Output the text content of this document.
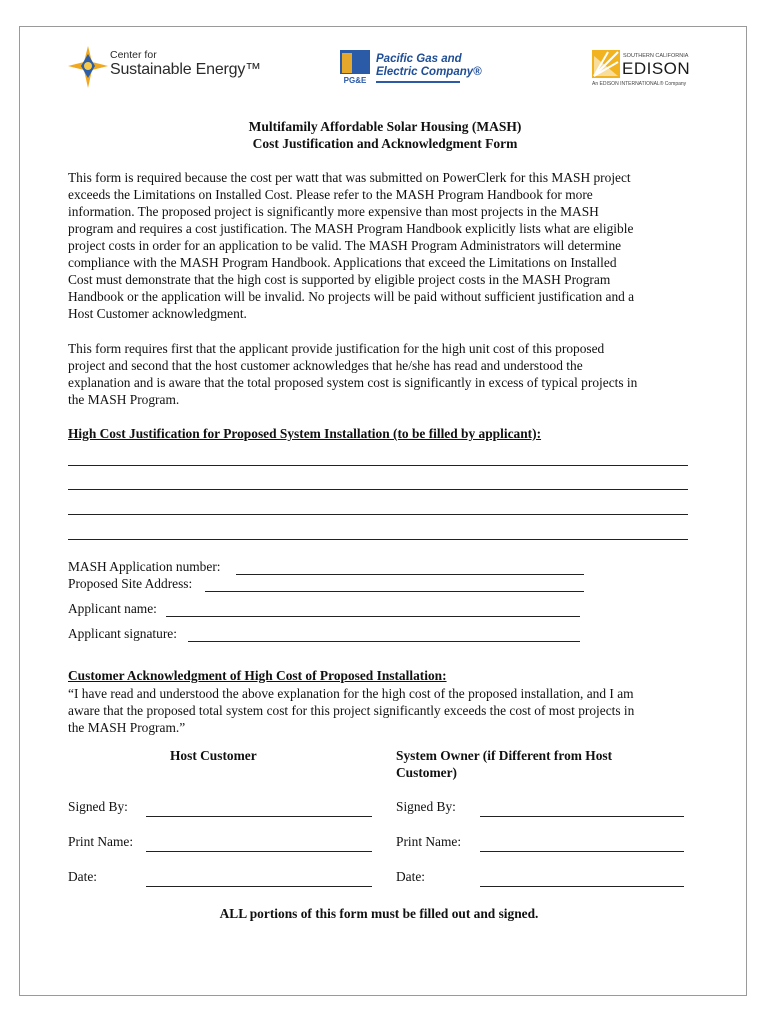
Center for
Sustainable Energy™
PG&E
Pacific Gas and
Electric Company®
SOUTHERN CALIFORNIA
EDISON
An EDISON INTERNATIONAL® Company
Multifamily Affordable Solar Housing (MASH)
Cost Justification and Acknowledgment Form
This form is required because the cost per watt that was submitted on PowerClerk for this MASH project
exceeds the Limitations on Installed Cost. Please refer to the MASH Program Handbook for more
information. The proposed project is significantly more expensive than most projects in the MASH
program and requires a cost justification. The MASH Program Handbook explicitly lists what are eligible
project costs in order for an application to be valid. The MASH Program Administrators will determine
compliance with the MASH Program Handbook. Applications that exceed the Limitations on Installed
Cost must demonstrate that the high cost is supported by eligible project costs in the MASH Program
Handbook or the application will be invalid. No projects will be paid without sufficient justification and a
Host Customer acknowledgment.
This form requires first that the applicant provide justification for the high unit cost of this proposed
project and second that the host customer acknowledges that he/she has read and understood the
explanation and is aware that the total proposed system cost is significantly in excess of typical projects in
the MASH Program.
High Cost Justification for Proposed System Installation (to be filled by applicant):
MASH Application number:
Proposed Site Address:
Applicant name:
Applicant signature:
Customer Acknowledgment of High Cost of Proposed Installation:
“I have read and understood the above explanation for the high cost of the proposed installation, and I am
aware that the proposed total system cost for this project significantly exceeds the cost of most projects in
the MASH Program.”
Host Customer	System Owner (if Different from Host
Customer)
Signed By:
Print Name:
Date:
Signed By:
Print Name:
Date:
ALL portions of this form must be filled out and signed.
